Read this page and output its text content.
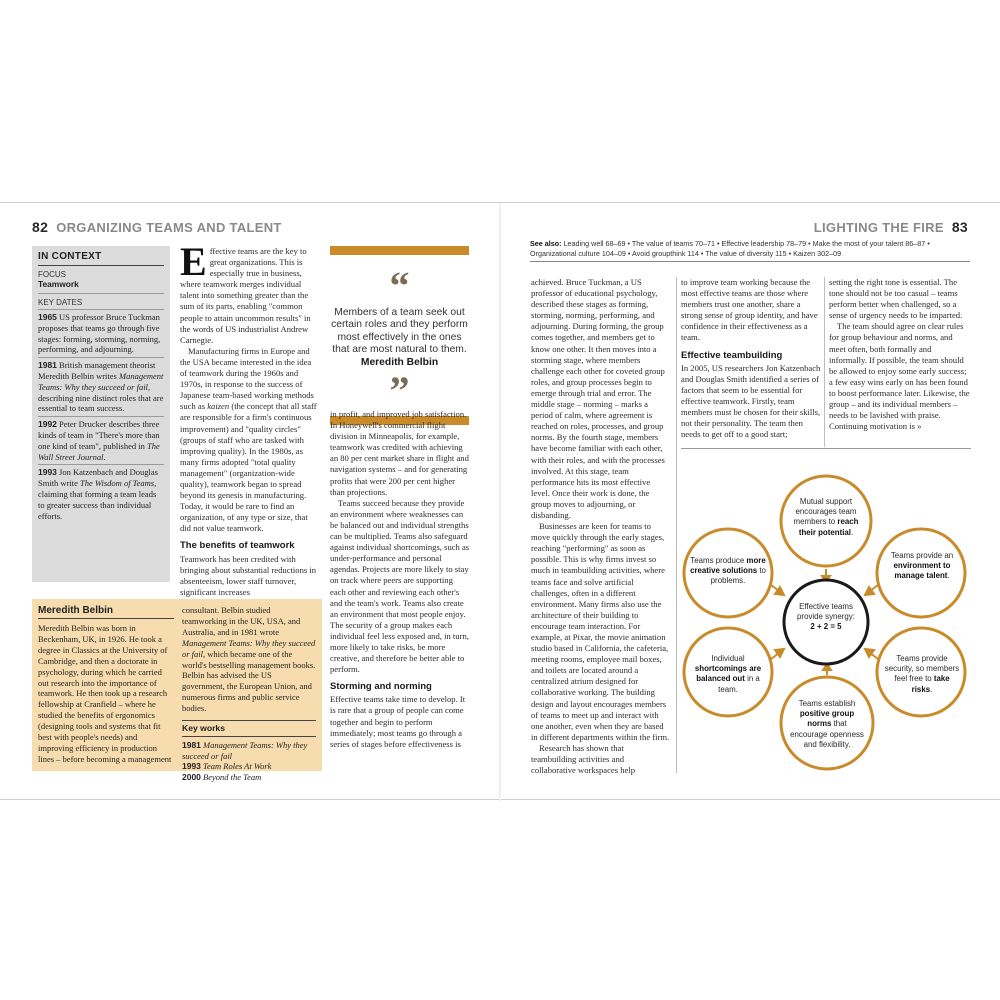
82 ORGANIZING TEAMS AND TALENT	LIGHTING THE FIRE 83
IN CONTEXT
FOCUS
Teamwork
KEY DATES
1965 US professor Bruce Tuckman proposes that teams go through five stages: forming, storming, norming, performing, and adjourning.
1981 British management theorist Meredith Belbin writes Management Teams: Why they succeed or fail, describing nine distinct roles that are essential to team success.
1992 Peter Drucker describes three kinds of team in "There's more than one kind of team", published in The Wall Street Journal.
1993 Jon Katzenbach and Douglas Smith write The Wisdom of Teams, claiming that forming a team leads to greater success than individual efforts.

Effective teams are the key to great organizations. This is especially true in business, where teamwork merges individual talent into something greater than the sum of its parts, enabling "common people to attain uncommon results" in the words of US industrialist Andrew Carnegie.

Manufacturing firms in Europe and the USA became interested in the idea of teamwork during the 1960s and 1970s, in response to the success of Japanese team-based working methods such as kaizen (the concept that all staff are responsible for a firm's continuous improvement) and "quality circles" (groups of staff who are tasked with improving quality). In the 1980s, as many firms adopted "total quality management" (organization-wide quality), teamwork began to spread beyond its genesis in manufacturing. Today, it would be rare to find an organization, of any type or size, that did not value teamwork.

The benefits of teamwork

Teamwork has been credited with bringing about substantial reductions in absenteeism, lower staff turnover, significant increases

“
Members of a team seek out certain roles and they perform most effectively in the ones that are most natural to them.
Meredith Belbin
”

in profit, and improved job satisfaction. In Honeywell's commercial flight division in Minneapolis, for example, teamwork was credited with achieving an 80 per cent market share in flight and navigation systems – and for generating profits that were 200 per cent higher than projections.

Teams succeed because they provide an environment where weaknesses can be balanced out and individual strengths can be multiplied. Teams also safeguard against individual shortcomings, such as under-performance and personal agendas. Projects are more likely to stay on track where peers are supporting each other and reviewing each other's and the team's work. Teams also create an environment that most people enjoy. The security of a group makes each individual feel less exposed and, in turn, more likely to take risks, be more creative, and therefore be better able to perform.

Storming and norming

Effective teams take time to develop. It is rare that a group of people can come together and begin to perform immediately; most teams go through a series of stages before effectiveness is

Meredith Belbin
Meredith Belbin was born in Beckenham, UK, in 1926. He took a degree in Classics at the University of Cambridge, and then a doctorate in psychology, during which he carried out research into the importance of teamwork. He then took up a research fellowship at Cranfield – where he studied the benefits of ergonomics (designing tools and systems that fit best with people's needs) and improving efficiency in production lines – before becoming a management
consultant. Belbin studied teamworking in the UK, USA, and Australia, and in 1981 wrote Management Teams: Why they succeed or fail, which became one of the world's bestselling management books. Belbin has advised the US government, the European Union, and numerous firms and public service bodies.
Key works
1981 Management Teams: Why they succeed or fail
1993 Team Roles At Work
2000 Beyond the Team
See also: Leading well 68–69 • The value of teams 70–71 • Effective leadership 78–79 • Make the most of your talent 86–87 • Organizational culture 104–09 • Avoid groupthink 114 • The value of diversity 115 • Kaizen 302–09

achieved. Bruce Tuckman, a US professor of educational psychology, described these stages as forming, storming, norming, performing, and adjourning. During forming, the group comes together, and members get to know one other. It then moves into a storming stage, where members challenge each other for coveted group roles, and group processes begin to emerge through trial and error. The middle stage – norming – marks a period of calm, where agreement is reached on roles, processes, and group norms. By the fourth stage, members have become familiar with each other, with their roles, and with the processes involved. At this stage, team performance hits its most effective level. Once their work is done, the group moves to adjourning, or disbanding.

Businesses are keen for teams to move quickly through the early stages, reaching "performing" as soon as possible. This is why firms invest so much in teambuilding activities, where teams face and solve artificial challenges, often in a different environment. Many firms also use the architecture of their building to encourage team interaction. For example, at Pixar, the movie animation studio based in California, the cafeteria, meeting rooms, employee mail boxes, and toilets are located around a centralized atrium designed for collaborative working. The building design and layout encourages members of teams to meet up and interact with one another, even when they are based in different departments within the firm.

Research has shown that teambuilding activities and collaborative workspaces help

to improve team working because the most effective teams are those where members trust one another, share a strong sense of group identity, and have confidence in their effectiveness as a team.

Effective teambuilding

In 2005, US researchers Jon Katzenbach and Douglas Smith identified a series of factors that seem to be essential for effective teamwork. Firstly, team members must be chosen for their skills, not their personality. The team then needs to get off to a good start;

setting the right tone is essential. The tone should not be too casual – teams perform better when challenged, so a sense of urgency needs to be imparted.

The team should agree on clear rules for group behaviour and norms, and meet often, both formally and informally. If possible, the team should be allowed to enjoy some early success; a few easy wins early on has been found to boost performance later. Likewise, the group – and its individual members – needs to be lavished with praise. Continuing motivation is »

Mutual support encourages team members to reach their potential.
Teams provide an environment to manage talent.
Teams provide security, so members feel free to take risks.
Teams establish positive group norms that encourage openness and flexibility.
Individual shortcomings are balanced out in a team.
Teams produce more creative solutions to problems.
Effective teams
provide synergy:
2 + 2 = 5
